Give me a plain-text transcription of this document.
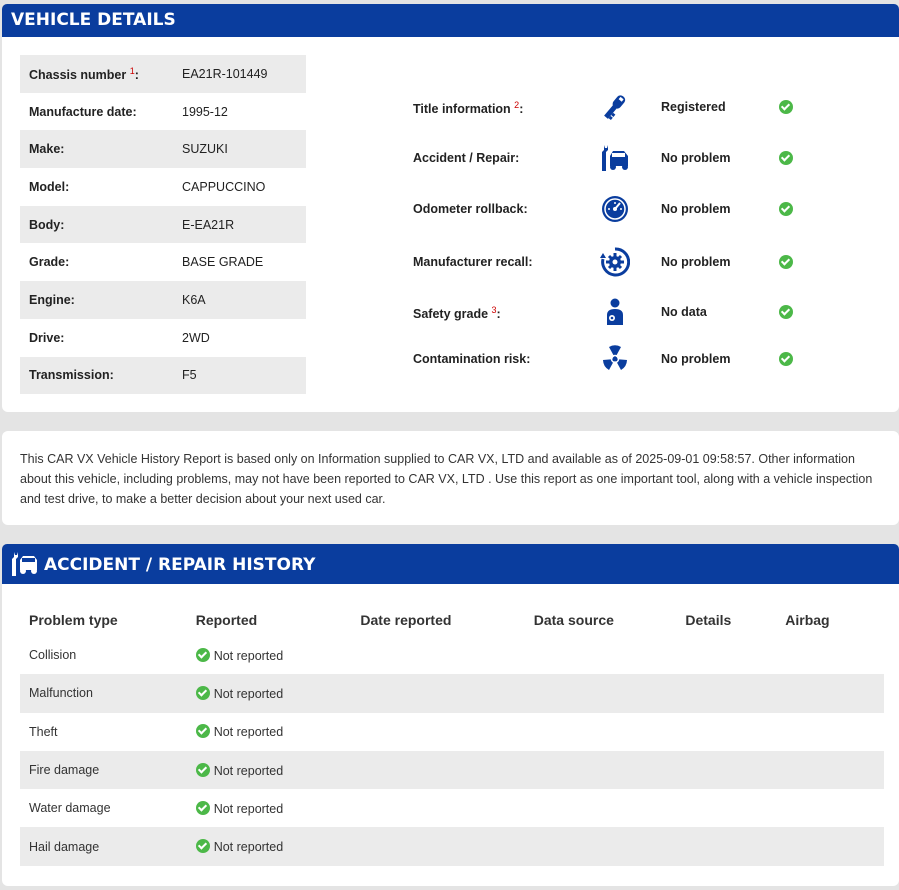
VEHICLE DETAILS
Chassis number $^1$:	EA21R-101449
Manufacture date:	1995-12
Make:	SUZUKI
Model:	CAPPUCCINO
Body:	E-EA21R
Grade:	BASE GRADE
Engine:	K6A
Drive:	2WD
Transmission:	F5
Title information $^2$:	Registered
Accident / Repair:	No problem
Odometer rollback:	No problem
Manufacturer recall:	No problem
Safety grade $^3$:	No data
Contamination risk:	No problem
This CAR VX Vehicle History Report is based only on Information supplied to CAR VX, LTD and available as of 2025-09-01 09:58:57. Other information about this vehicle, including problems, may not have been reported to CAR VX, LTD . Use this report as one important tool, along with a vehicle inspection and test drive, to make a better decision about your next used car.
ACCIDENT / REPAIR HISTORY
Problem type	Reported	Date reported	Data source	Details	Airbag
Collision	Not reported				
Malfunction	Not reported				
Theft	Not reported				
Fire damage	Not reported				
Water damage	Not reported				
Hail damage	Not reported				
